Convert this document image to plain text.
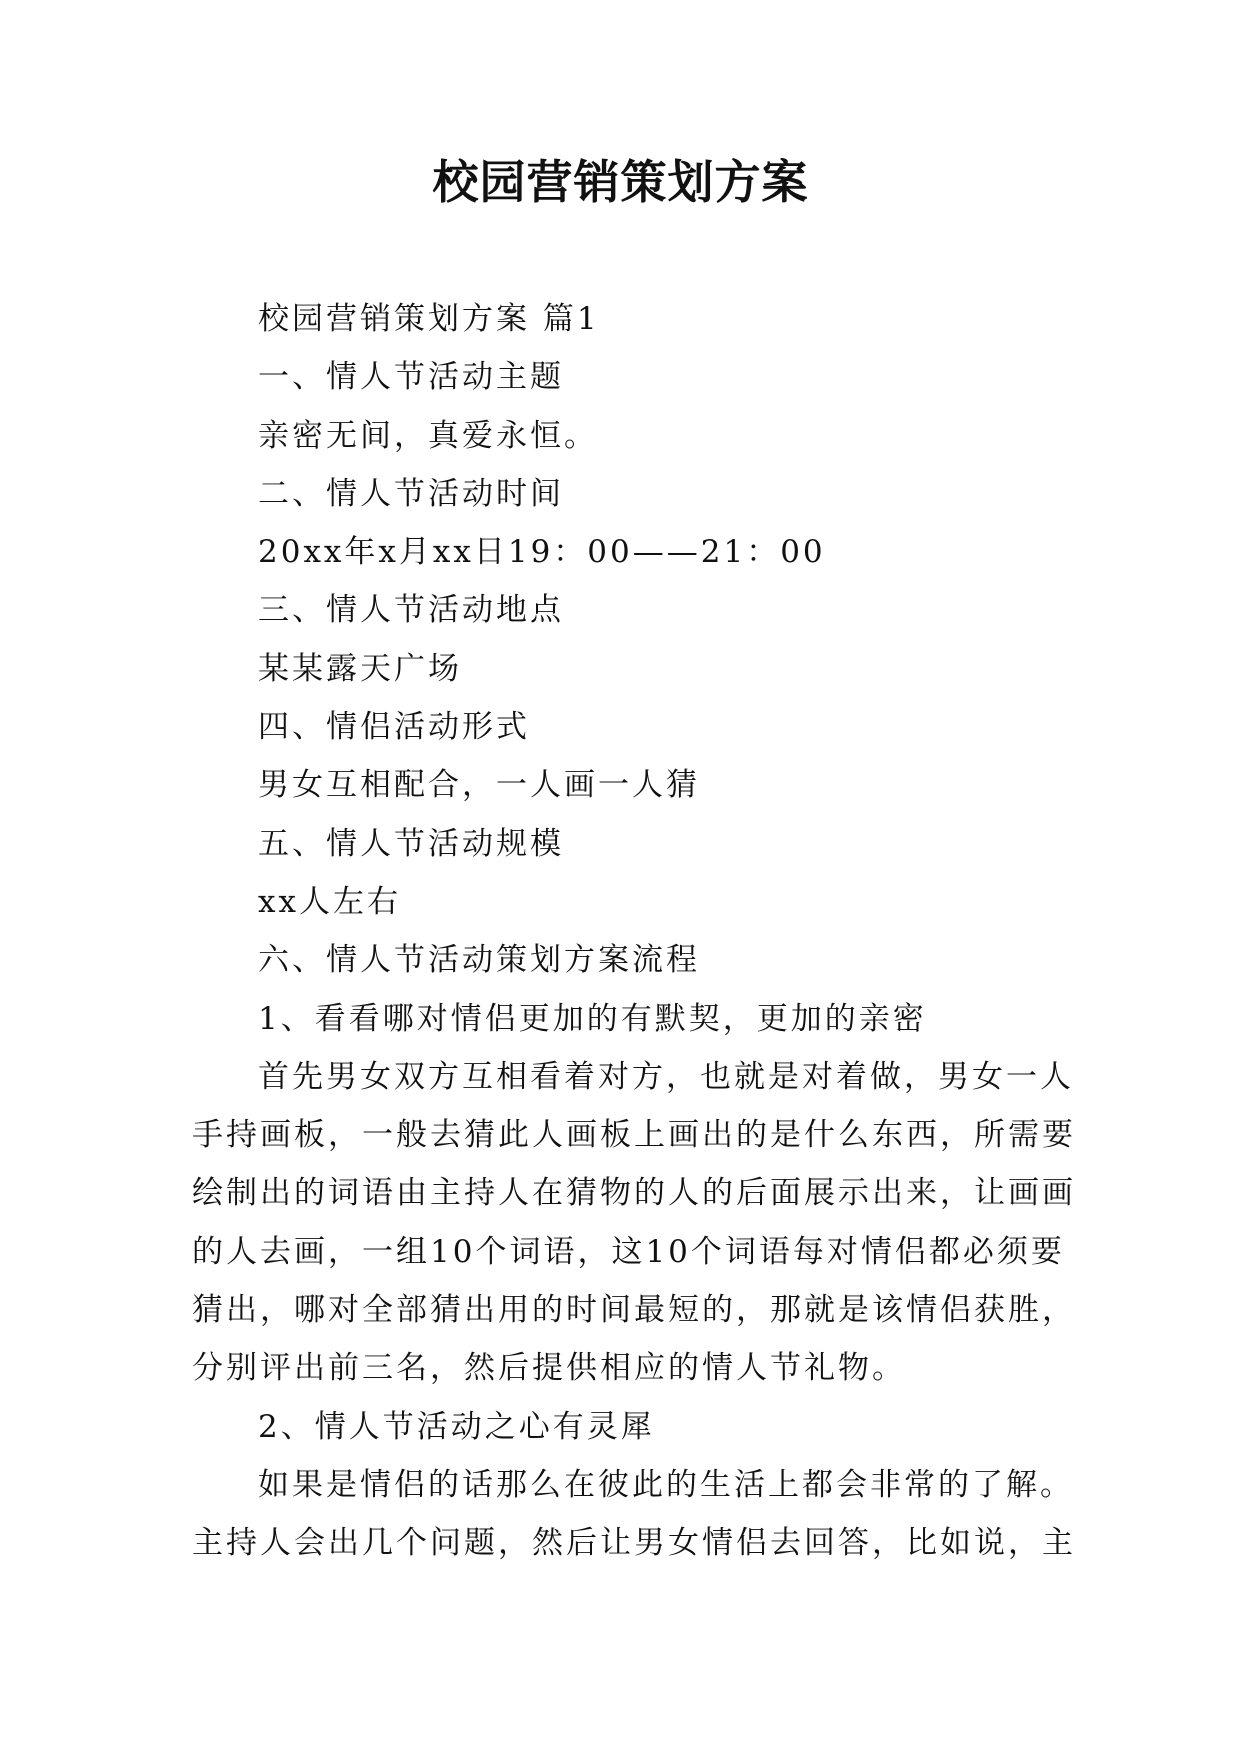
校园营销策划方案
校园营销策划方案 篇1
一、情人节活动主题
亲密无间，真爱永恒。
二、情人节活动时间
20xx年x月xx日19：00——21：00
三、情人节活动地点
某某露天广场
四、情侣活动形式
男女互相配合，一人画一人猜
五、情人节活动规模
xx人左右
六、情人节活动策划方案流程
1、看看哪对情侣更加的有默契，更加的亲密
首先男女双方互相看着对方，也就是对着做，男女一人
手持画板，一般去猜此人画板上画出的是什么东西，所需要
绘制出的词语由主持人在猜物的人的后面展示出来，让画画
的人去画，一组10个词语，这10个词语每对情侣都必须要
猜出，哪对全部猜出用的时间最短的，那就是该情侣获胜，
分别评出前三名，然后提供相应的情人节礼物。
2、情人节活动之心有灵犀
如果是情侣的话那么在彼此的生活上都会非常的了解。
主持人会出几个问题，然后让男女情侣去回答，比如说，主
